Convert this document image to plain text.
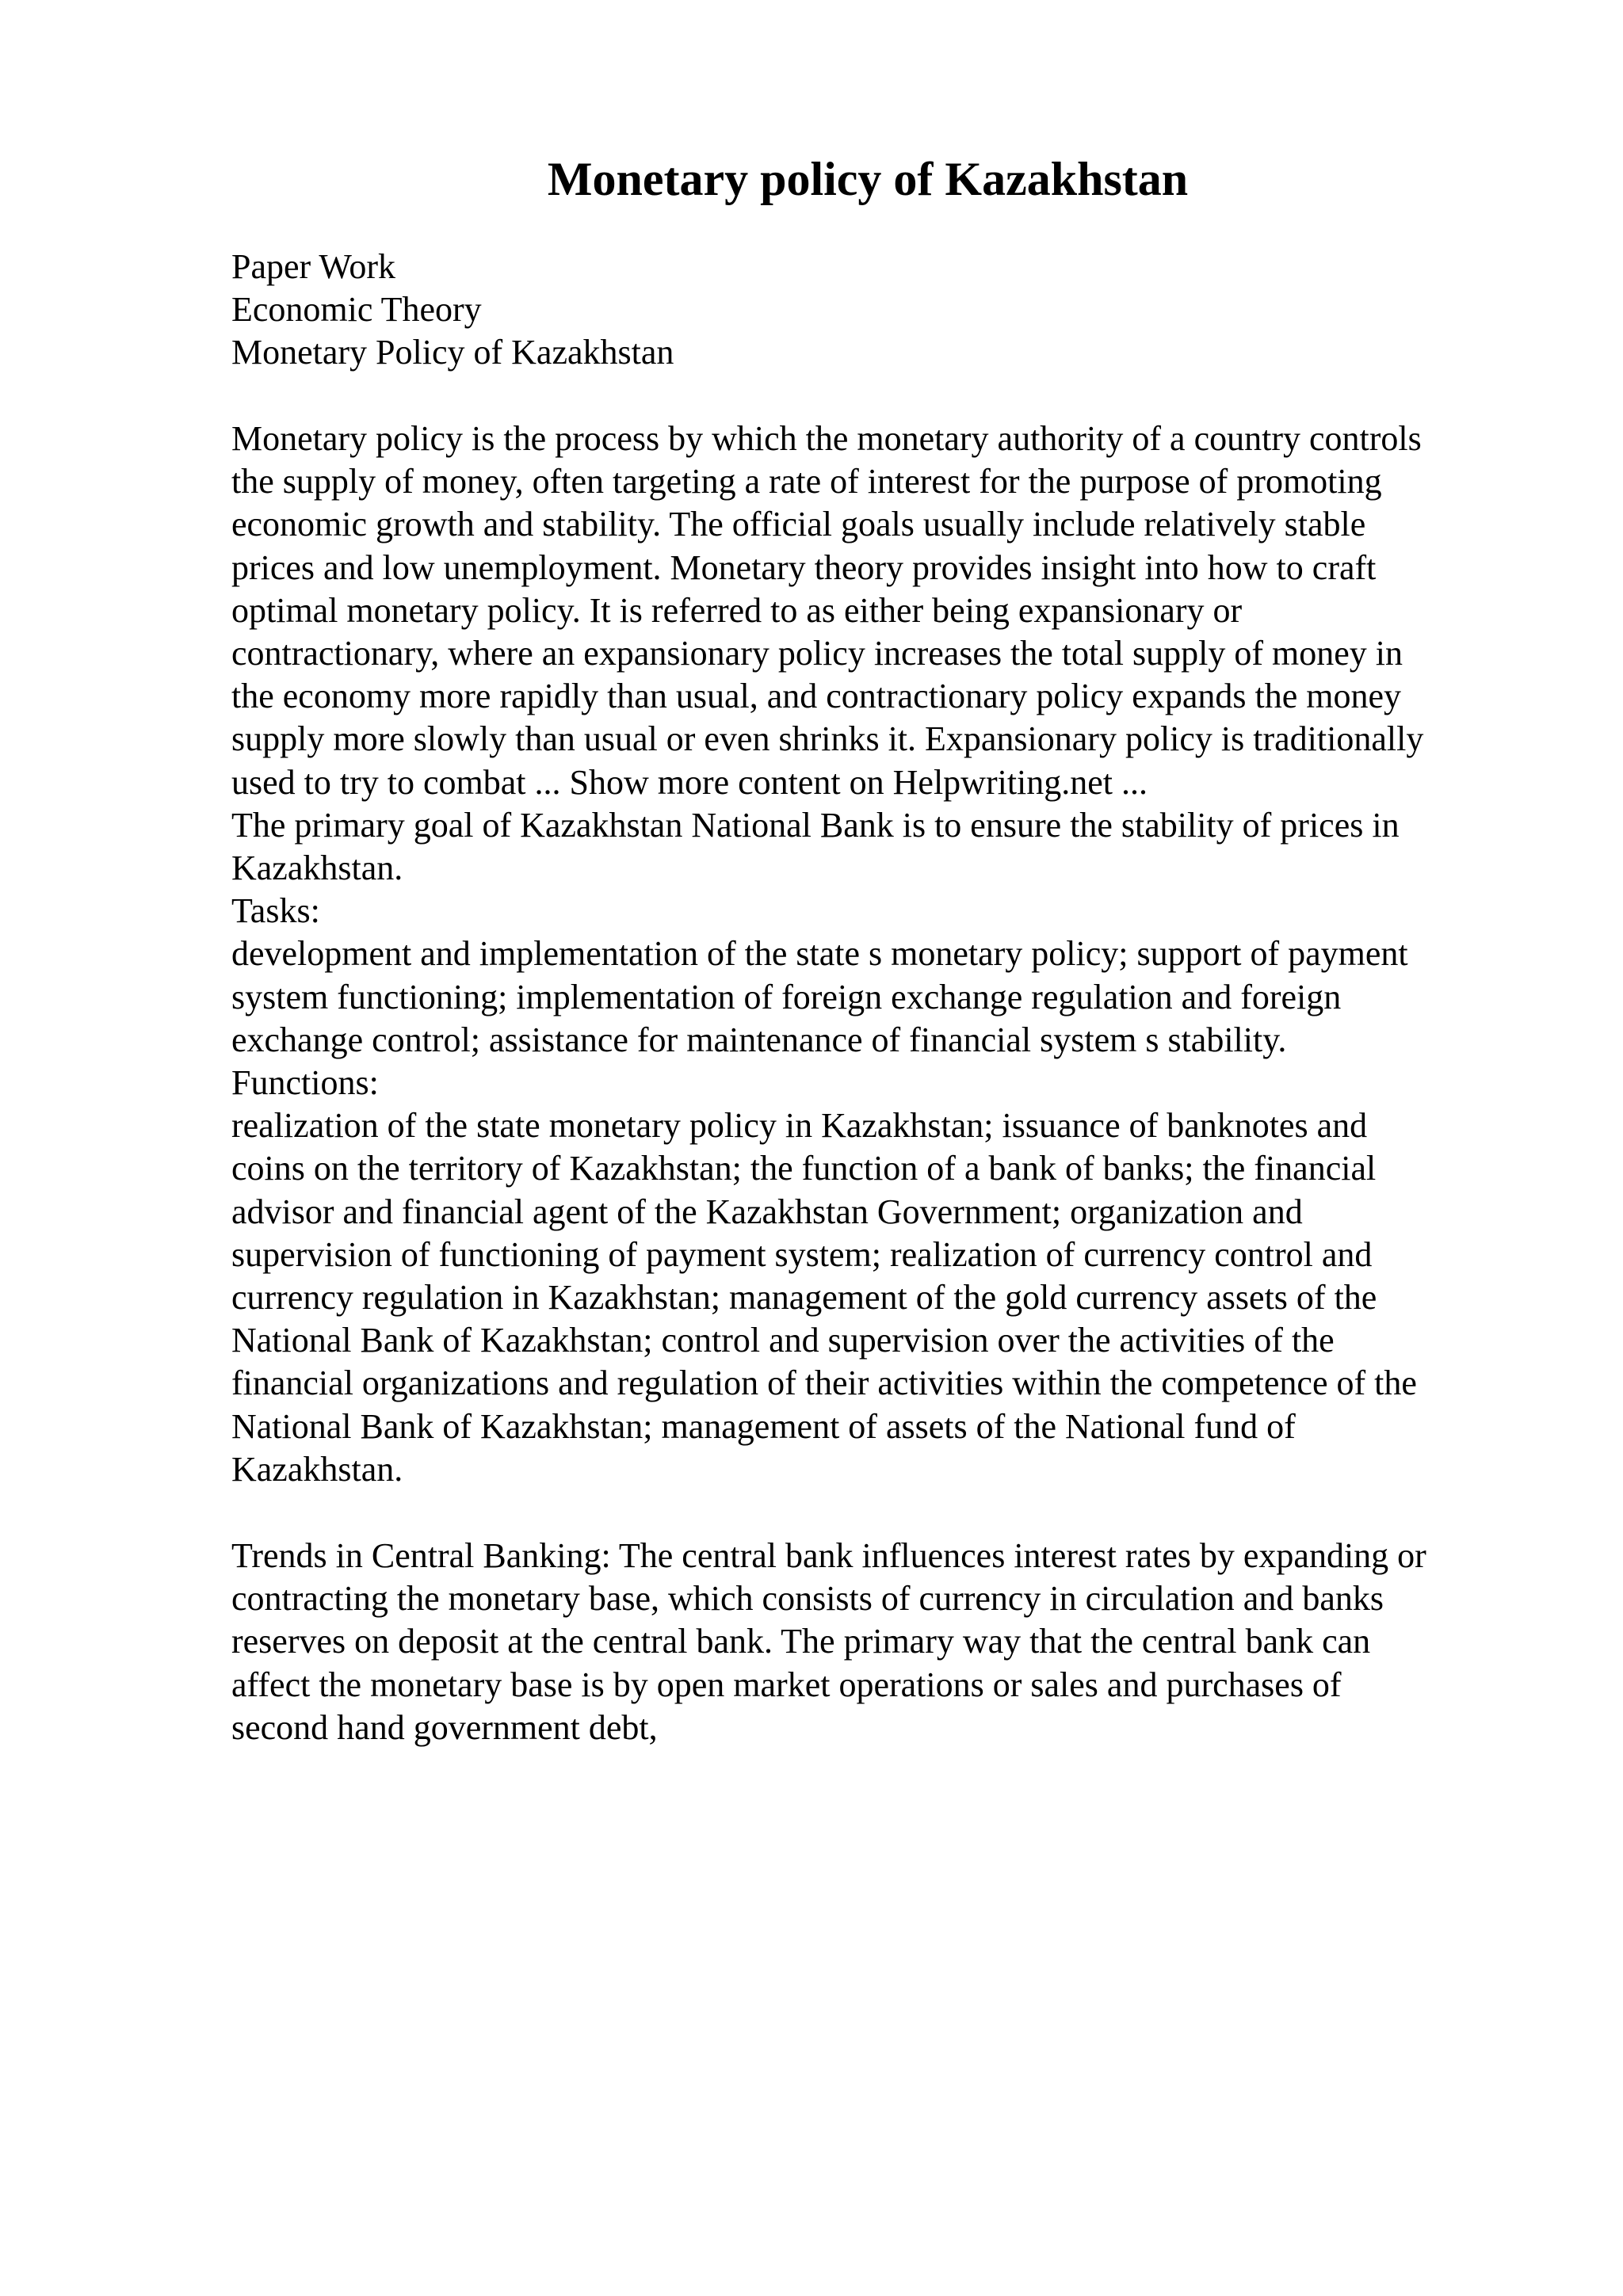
Monetary policy of Kazakhstan
Paper Work
Economic Theory
Monetary Policy of Kazakhstan

Monetary policy is the process by which the monetary authority of a country controls
the supply of money, often targeting a rate of interest for the purpose of promoting
economic growth and stability. The official goals usually include relatively stable
prices and low unemployment. Monetary theory provides insight into how to craft
optimal monetary policy. It is referred to as either being expansionary or
contractionary, where an expansionary policy increases the total supply of money in
the economy more rapidly than usual, and contractionary policy expands the money
supply more slowly than usual or even shrinks it. Expansionary policy is traditionally
used to try to combat ... Show more content on Helpwriting.net ...

The primary goal of Kazakhstan National Bank is to ensure the stability of prices in
Kazakhstan.

Tasks:
development and implementation of the state s monetary policy; support of payment
system functioning; implementation of foreign exchange regulation and foreign
exchange control; assistance for maintenance of financial system s stability.

Functions:
realization of the state monetary policy in Kazakhstan; issuance of banknotes and
coins on the territory of Kazakhstan; the function of a bank of banks; the financial
advisor and financial agent of the Kazakhstan Government; organization and
supervision of functioning of payment system; realization of currency control and
currency regulation in Kazakhstan; management of the gold currency assets of the
National Bank of Kazakhstan; control and supervision over the activities of the
financial organizations and regulation of their activities within the competence of the
National Bank of Kazakhstan; management of assets of the National fund of
Kazakhstan.

Trends in Central Banking: The central bank influences interest rates by expanding or
contracting the monetary base, which consists of currency in circulation and banks
reserves on deposit at the central bank. The primary way that the central bank can
affect the monetary base is by open market operations or sales and purchases of
second hand government debt,
